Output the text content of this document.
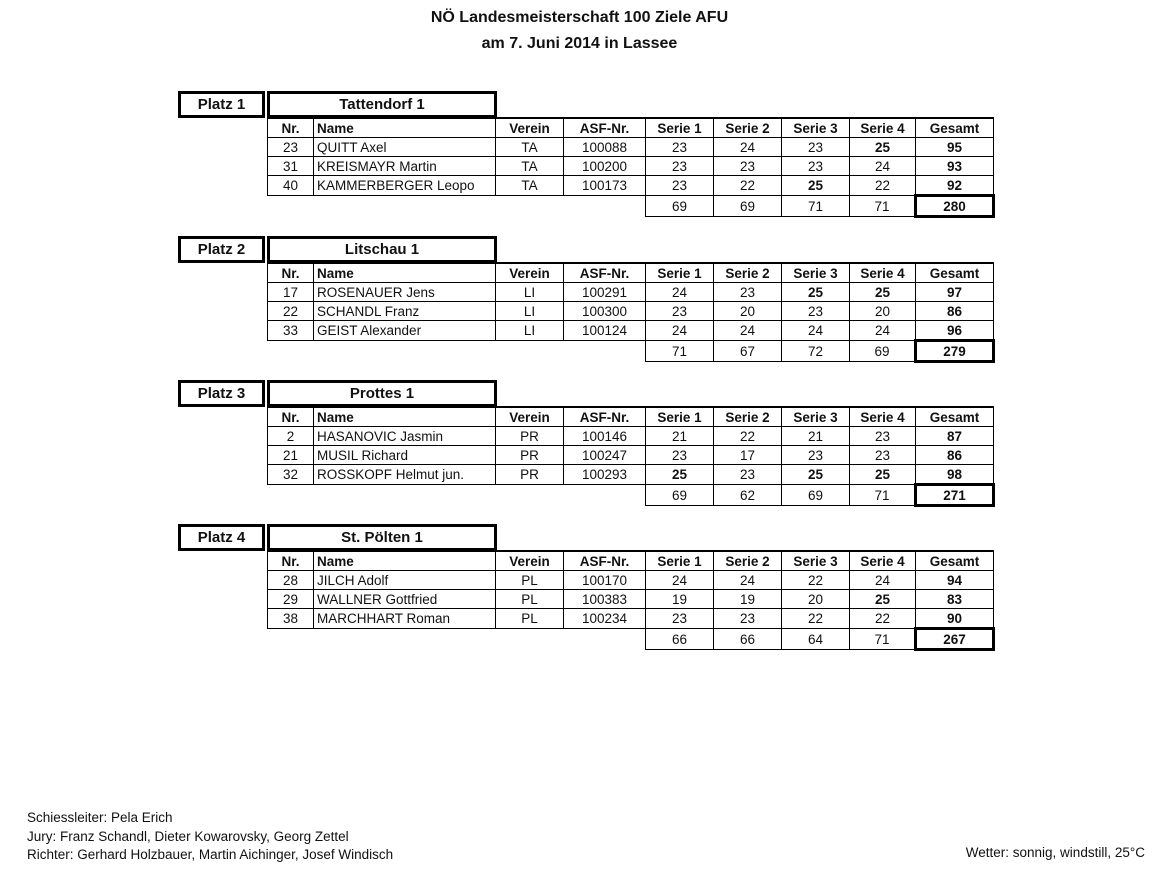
NÖ Landesmeisterschaft 100 Ziele AFU
am 7. Juni 2014 in Lassee
Platz 1	Tattendorf 1
Nr.	Name	Verein	ASF-Nr.	Serie 1	Serie 2	Serie 3	Serie 4	Gesamt
23	QUITT Axel	TA	100088	23	24	23	25	95
31	KREISMAYR Martin	TA	100200	23	23	23	24	93
40	KAMMERBERGER Leopo	TA	100173	23	22	25	22	92
				69	69	71	71	280
Platz 2	Litschau 1
Nr.	Name	Verein	ASF-Nr.	Serie 1	Serie 2	Serie 3	Serie 4	Gesamt
17	ROSENAUER Jens	LI	100291	24	23	25	25	97
22	SCHANDL Franz	LI	100300	23	20	23	20	86
33	GEIST Alexander	LI	100124	24	24	24	24	96
				71	67	72	69	279
Platz 3	Prottes 1
Nr.	Name	Verein	ASF-Nr.	Serie 1	Serie 2	Serie 3	Serie 4	Gesamt
2	HASANOVIC Jasmin	PR	100146	21	22	21	23	87
21	MUSIL Richard	PR	100247	23	17	23	23	86
32	ROSSKOPF Helmut jun.	PR	100293	25	23	25	25	98
				69	62	69	71	271
Platz 4	St. Pölten 1
Nr.	Name	Verein	ASF-Nr.	Serie 1	Serie 2	Serie 3	Serie 4	Gesamt
28	JILCH Adolf	PL	100170	24	24	22	24	94
29	WALLNER Gottfried	PL	100383	19	19	20	25	83
38	MARCHHART Roman	PL	100234	23	23	22	22	90
				66	66	64	71	267
Schiessleiter: Pela Erich
Jury: Franz Schandl, Dieter Kowarovsky, Georg Zettel
Richter: Gerhard Holzbauer, Martin Aichinger, Josef Windisch	Wetter: sonnig, windstill, 25°C
